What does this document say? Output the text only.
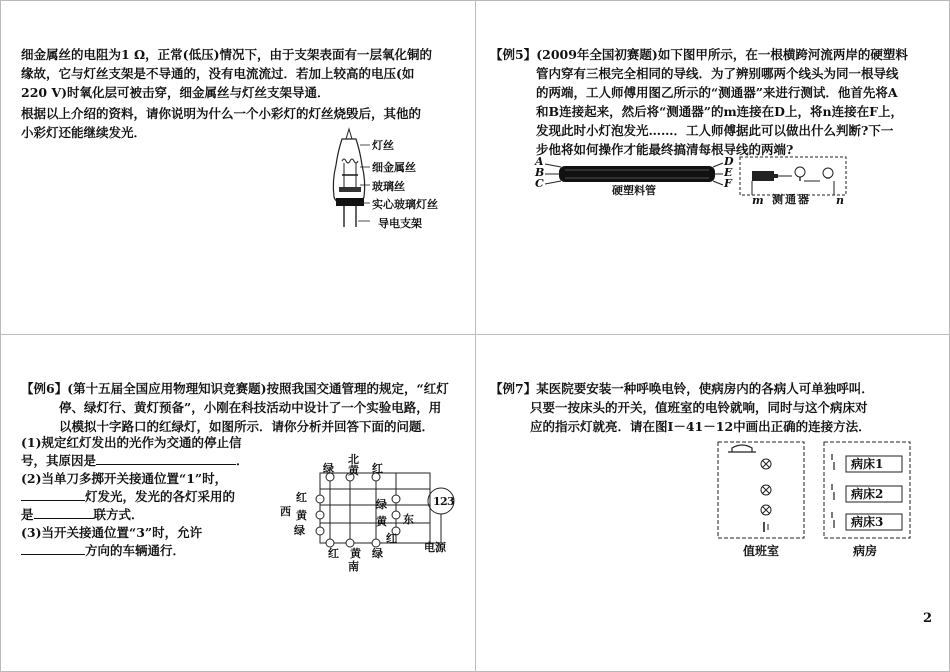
细金属丝的电阻为1 Ω，正常(低压)情况下，由于支架表面有一层氧化铜的
缘故，它与灯丝支架是不导通的，没有电流流过．若加上较高的电压(如
220 V)时氧化层可被击穿，细金属丝与灯丝支架导通．
根据以上介绍的资料，请你说明为什么一个小彩灯的灯丝烧毁后，其他的
小彩灯还能继续发光．
灯丝
细金属丝
玻璃丝
实心玻璃灯丝
导电支架
【例5】(2009年全国初赛题)如下图甲所示，在一根横跨河流两岸的硬塑料
管内穿有三根完全相同的导线．为了辨别哪两个线头为同一根导线
的两端，工人师傅用图乙所示的“测通器”来进行测试．他首先将A
和B连接起来，然后将“测通器”的m连接在D上，将n连接在F上，
发现此时小灯泡发光……．工人师傅据此可以做出什么判断?下一
步他将如何操作才能最终搞清每根导线的两端?
A
B
C
D
E
F
硬塑料管
m 测通器 n
【例6】(第十五届全国应用物理知识竞赛题)按照我国交通管理的规定，“红灯
停、绿灯行、黄灯预备”，小刚在科技活动中设计了一个实验电路，用
以模拟十字路口的红绿灯，如图所示．请你分析并回答下面的问题．
(1)规定红灯发出的光作为交通的停止信
号，其原因是	．
(2)当单刀多掷开关接通位置“1”时，
灯发光，发光的各灯采用的
是	联方式．
(3)当开关接通位置“3”时，允许
方向的车辆通行．
北
绿 黄 红
红
西 黄
绿
绿
黄 东
红
1 2 3
红 黄 绿	电源
南
【例7】某医院要安装一种呼唤电铃，使病房内的各病人可单独呼叫．
只要一按床头的开关，值班室的电铃就响，同时与这个病床对
应的指示灯就亮．请在图Ⅰ－41－12中画出正确的连接方法．
值班室
病床1
病床2
病床3
病房
2
